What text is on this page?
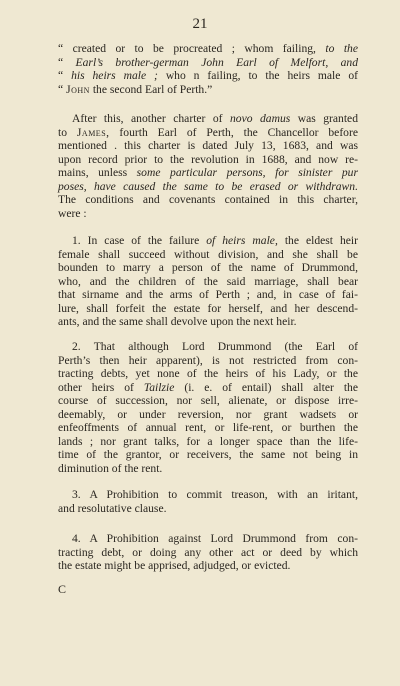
21
“ created or to be procreated ; whom failing, to the
“ Earl’s brother-german John Earl of Melfort, and
“ his heirs male ; who n failing, to the heirs male of
“ John the second Earl of Perth.”
After this, another charter of novo damus was granted
to James, fourth Earl of Perth, the Chancellor before
mentioned . this charter is dated July 13, 1683, and was
upon record prior to the revolution in 1688, and now re-
mains, unless some particular persons, for sinister pur
poses, have caused the same to be erased or withdrawn.
The conditions and covenants contained in this charter,
were :
1. In case of the failure of heirs male, the eldest heir
female shall succeed without division, and she shall be
bounden to marry a person of the name of Drummond,
who, and the children of the said marriage, shall bear
that sirname and the arms of Perth ; and, in case of fai-
lure, shall forfeit the estate for herself, and her descend-
ants, and the same shall devolve upon the next heir.
2. That although Lord Drummond (the Earl of
Perth’s then heir apparent), is not restricted from con-
tracting debts, yet none of the heirs of his Lady, or the
other heirs of Tailzie (i. e. of entail) shall alter the
course of succession, nor sell, alienate, or dispose irre-
deemably, or under reversion, nor grant wadsets or
enfeoffments of annual rent, or life-rent, or burthen the
lands ; nor grant talks, for a longer space than the life-
time of the grantor, or receivers, the same not being in
diminution of the rent.
3. A Prohibition to commit treason, with an iritant,
and resolutative clause.
4. A Prohibition against Lord Drummond from con-
tracting debt, or doing any other act or deed by which
the estate might be apprised, adjudged, or evicted.
C
